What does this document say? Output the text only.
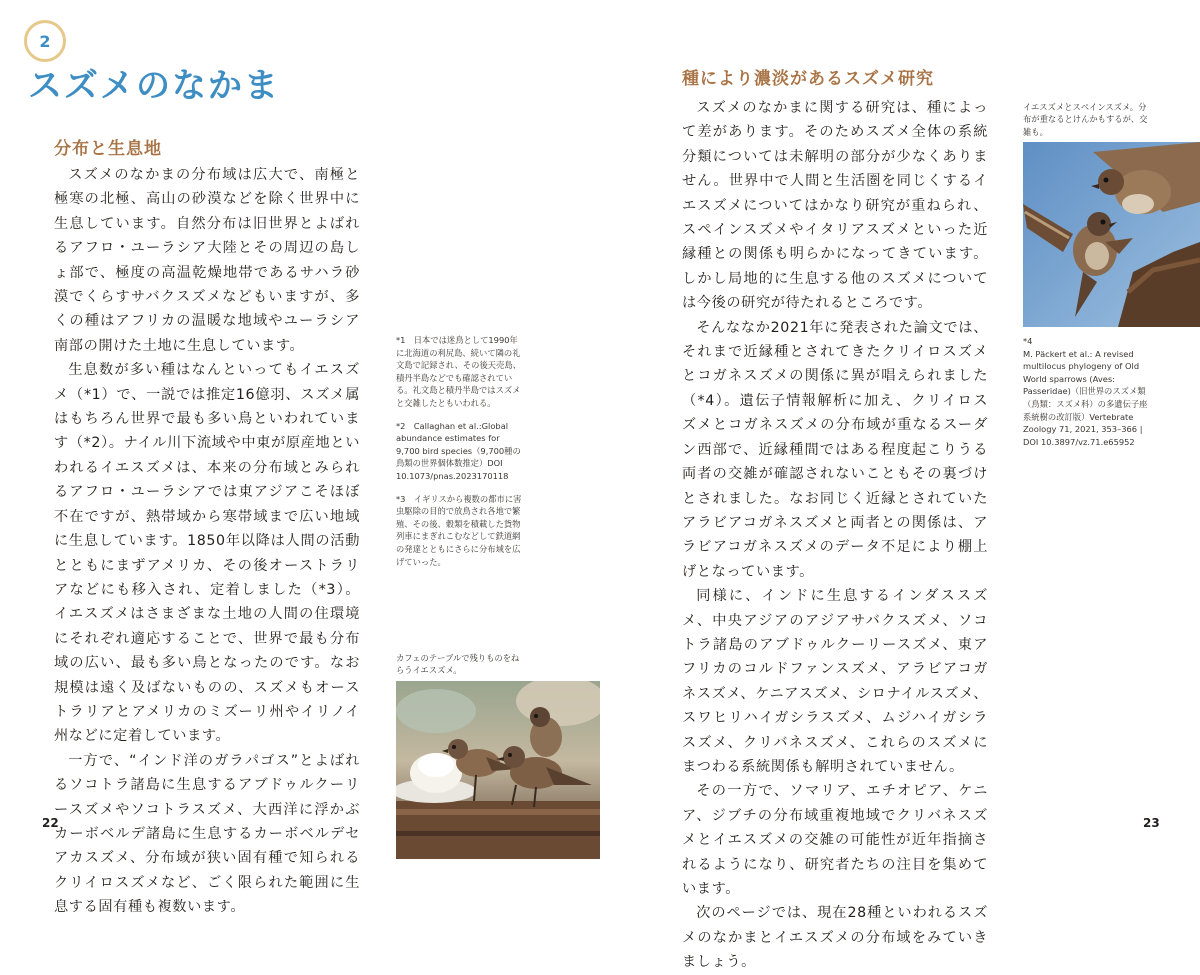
2
スズメのなかま
分布と生息地

スズメのなかまの分布域は広大で、南極と極寒の北極、高山の砂漠などを除く世界中に生息しています。自然分布は旧世界とよばれるアフロ・ユーラシア大陸とその周辺の島しょ部で、極度の高温乾燥地帯であるサハラ砂漠でくらすサバクスズメなどもいますが、多くの種はアフリカの温暖な地域やユーラシア南部の開けた土地に生息しています。

生息数が多い種はなんといってもイエスズメ（*1）で、一説では推定16億羽、スズメ属はもちろん世界で最も多い鳥といわれています（*2）。ナイル川下流域や中東が原産地といわれるイエスズメは、本来の分布域とみられるアフロ・ユーラシアでは東アジアこそほぼ不在ですが、熱帯域から寒帯域まで広い地域に生息しています。1850年以降は人間の活動とともにまずアメリカ、その後オーストラリアなどにも移入され、定着しました（*3）。イエスズメはさまざまな土地の人間の住環境にそれぞれ適応することで、世界で最も分布域の広い、最も多い鳥となったのです。なお規模は遠く及ばないものの、スズメもオーストラリアとアメリカのミズーリ州やイリノイ州などに定着しています。

一方で、“インド洋のガラパゴス”とよばれるソコトラ諸島に生息するアブドゥルクーリースズメやソコトラスズメ、大西洋に浮かぶカーボベルデ諸島に生息するカーボベルデセアカスズメ、分布域が狭い固有種で知られるクリイロスズメなど、ごく限られた範囲に生息する固有種も複数います。

*1　日本では迷鳥として1990年に北海道の利尻島、続いて隣の礼文島で記録され、その後天売島、積丹半島などでも確認されている。礼文島と積丹半島ではスズメと交雑したともいわれる。

*2　Callaghan et al.:Global abundance estimates for 9,700 bird species（9,700種の鳥類の世界個体数推定）DOI 10.1073/pnas.2023170118

*3　イギリスから複数の都市に害虫駆除の目的で放鳥され各地で繁殖、その後、穀類を積載した貨物列車にまぎれこむなどして鉄道網の発達とともにさらに分布域を広げていった。

カフェのテーブルで残りものをねらうイエスズメ。

22
種により濃淡があるスズメ研究

スズメのなかまに関する研究は、種によって差があります。そのためスズメ全体の系統分類については未解明の部分が少なくありません。世界中で人間と生活圏を同じくするイエスズメについてはかなり研究が重ねられ、スペインスズメやイタリアスズメといった近縁種との関係も明らかになってきています。しかし局地的に生息する他のスズメについては今後の研究が待たれるところです。

そんななか2021年に発表された論文では、それまで近縁種とされてきたクリイロスズメとコガネスズメの関係に異が唱えられました（*4）。遺伝子情報解析に加え、クリイロスズメとコガネスズメの分布域が重なるスーダン西部で、近縁種間ではある程度起こりうる両者の交雑が確認されないこともその裏づけとされました。なお同じく近縁とされていたアラビアコガネスズメと両者との関係は、アラビアコガネスズメのデータ不足により棚上げとなっています。

同様に、インドに生息するインダススズメ、中央アジアのアジアサバクスズメ、ソコトラ諸島のアブドゥルクーリースズメ、東アフリカのコルドファンスズメ、アラビアコガネスズメ、ケニアスズメ、シロナイルスズメ、スワヒリハイガシラスズメ、ムジハイガシラスズメ、クリバネスズメ、これらのスズメにまつわる系統関係も解明されていません。

その一方で、ソマリア、エチオピア、ケニア、ジブチの分布域重複地域でクリバネスズメとイエスズメの交雑の可能性が近年指摘されるようになり、研究者たちの注目を集めています。

次のページでは、現在28種といわれるスズメのなかまとイエスズメの分布域をみていきましょう。

イエスズメとスペインスズメ。分布が重なるとけんかもするが、交雑も。

*4

M. Päckert et al.: A revised multilocus phylogeny of Old World sparrows (Aves: Passeridae)（旧世界のスズメ類（鳥類：スズメ科）の多遺伝子座系統樹の改訂版）Vertebrate Zoology 71, 2021, 353–366 | DOI 10.3897/vz.71.e65952

23
